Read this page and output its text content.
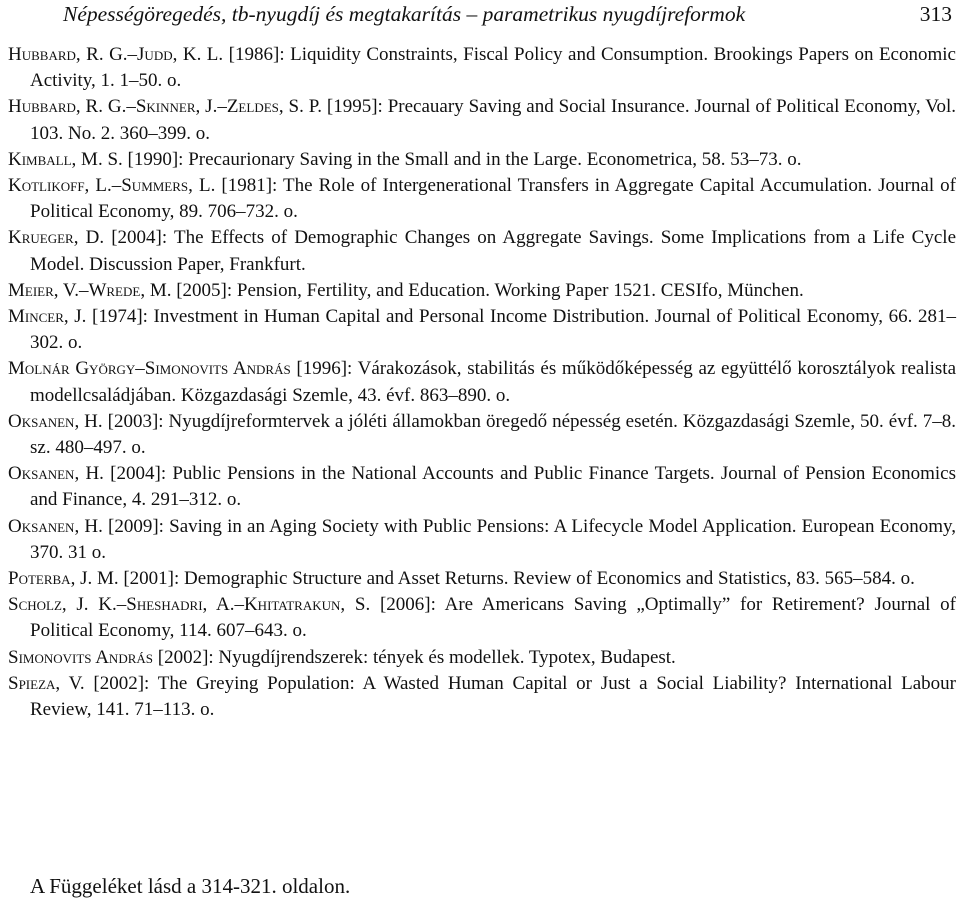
Népességöregedés, tb-nyugdíj és megtakarítás – parametrikus nyugdíjreformok	313

Hubbard, R. G.–Judd, K. L. [1986]: Liquidity Constraints, Fiscal Policy and Consumption. Brookings Papers on Economic Activity, 1. 1–50. o.

Hubbard, R. G.–Skinner, J.–Zeldes, S. P. [1995]: Precauary Saving and Social Insurance. Journal of Political Economy, Vol. 103. No. 2. 360–399. o.

Kimball, M. S. [1990]: Precaurionary Saving in the Small and in the Large. Econometrica, 58. 53–73. o.

Kotlikoff, L.–Summers, L. [1981]: The Role of Intergenerational Transfers in Aggregate Capital Accumulation. Journal of Political Economy, 89. 706–732. o.

Krueger, D. [2004]: The Effects of Demographic Changes on Aggregate Savings. Some Implications from a Life Cycle Model. Discussion Paper, Frankfurt.

Meier, V.–Wrede, M. [2005]: Pension, Fertility, and Education. Working Paper 1521. CESIfo, München.

Mincer, J. [1974]: Investment in Human Capital and Personal Income Distribution. Journal of Political Economy, 66. 281–302. o.

Molnár György–Simonovits András [1996]: Várakozások, stabilitás és működőképesség az együttélő korosztályok realista modellcsaládjában. Közgazdasági Szemle, 43. évf. 863–890. o.

Oksanen, H. [2003]: Nyugdíjreformtervek a jóléti államokban öregedő népesség esetén. Közgazdasági Szemle, 50. évf. 7–8. sz. 480–497. o.

Oksanen, H. [2004]: Public Pensions in the National Accounts and Public Finance Targets. Journal of Pension Economics and Finance, 4. 291–312. o.

Oksanen, H. [2009]: Saving in an Aging Society with Public Pensions: A Lifecycle Model Application. European Economy, 370. 31 o.

Poterba, J. M. [2001]: Demographic Structure and Asset Returns. Review of Economics and Statistics, 83. 565–584. o.

Scholz, J. K.–Sheshadri, A.–Khitatrakun, S. [2006]: Are Americans Saving „Optimally” for Retirement? Journal of Political Economy, 114. 607–643. o.

Simonovits András [2002]: Nyugdíjrendszerek: tények és modellek. Typotex, Budapest.

Spieza, V. [2002]: The Greying Population: A Wasted Human Capital or Just a Social Liability? International Labour Review, 141. 71–113. o.

A Függeléket lásd a 314-321. oldalon.
